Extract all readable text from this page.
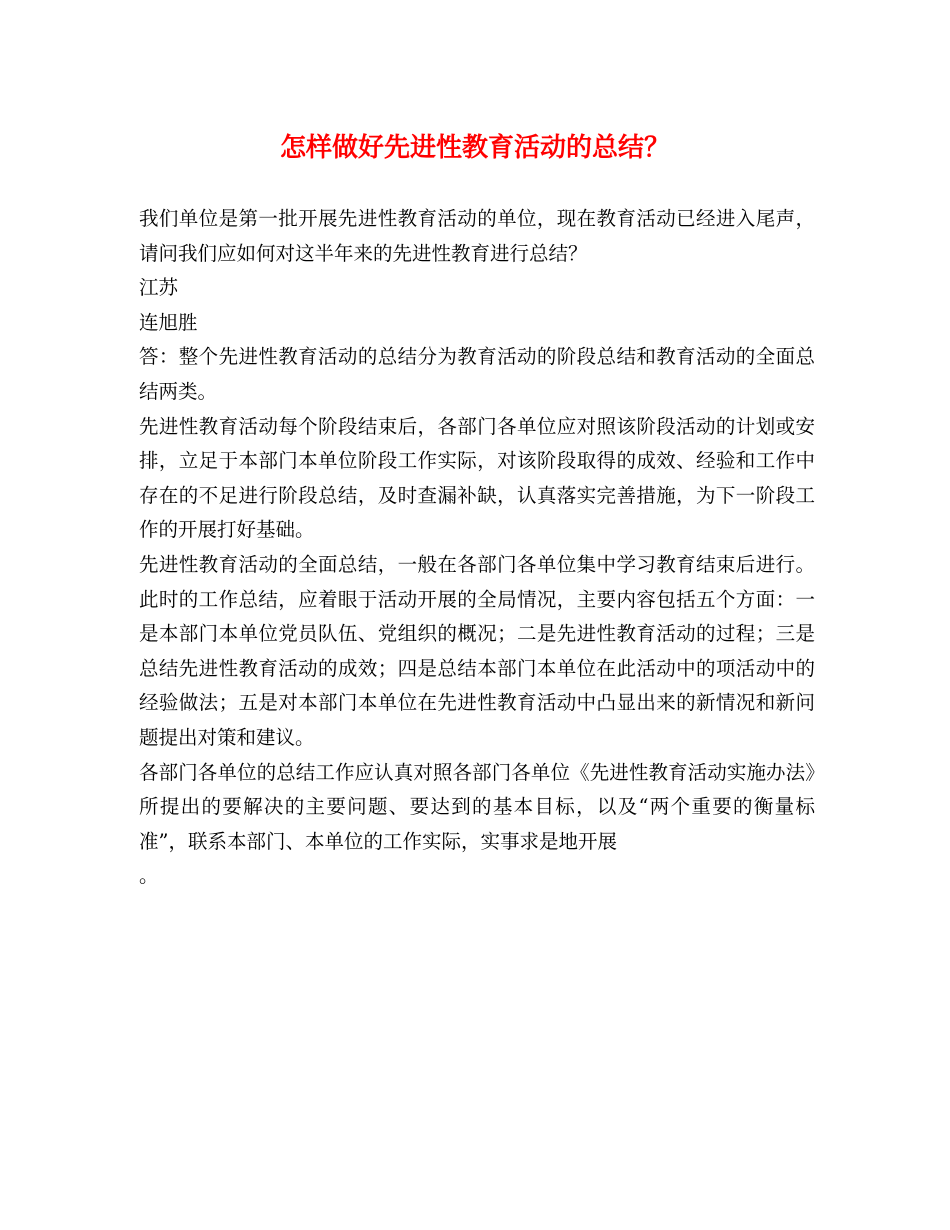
怎样做好先进性教育活动的总结？

我们单位是第一批开展先进性教育活动的单位，现在教育活动已经进入尾声，请问我们应如何对这半年来的先进性教育进行总结？

江苏

连旭胜

答：整个先进性教育活动的总结分为教育活动的阶段总结和教育活动的全面总结两类。

先进性教育活动每个阶段结束后，各部门各单位应对照该阶段活动的计划或安排，立足于本部门本单位阶段工作实际，对该阶段取得的成效、经验和工作中存在的不足进行阶段总结，及时查漏补缺，认真落实完善措施，为下一阶段工作的开展打好基础。

先进性教育活动的全面总结，一般在各部门各单位集中学习教育结束后进行。此时的工作总结，应着眼于活动开展的全局情况，主要内容包括五个方面：一是本部门本单位党员队伍、党组织的概况；二是先进性教育活动的过程；三是总结先进性教育活动的成效；四是总结本部门本单位在此活动中的项活动中的经验做法；五是对本部门本单位在先进性教育活动中凸显出来的新情况和新问题提出对策和建议。

各部门各单位的总结工作应认真对照各部门各单位《先进性教育活动实施办法》所提出的要解决的主要问题、要达到的基本目标，以及“两个重要的衡量标准”，联系本部门、本单位的工作实际，实事求是地开展

。
